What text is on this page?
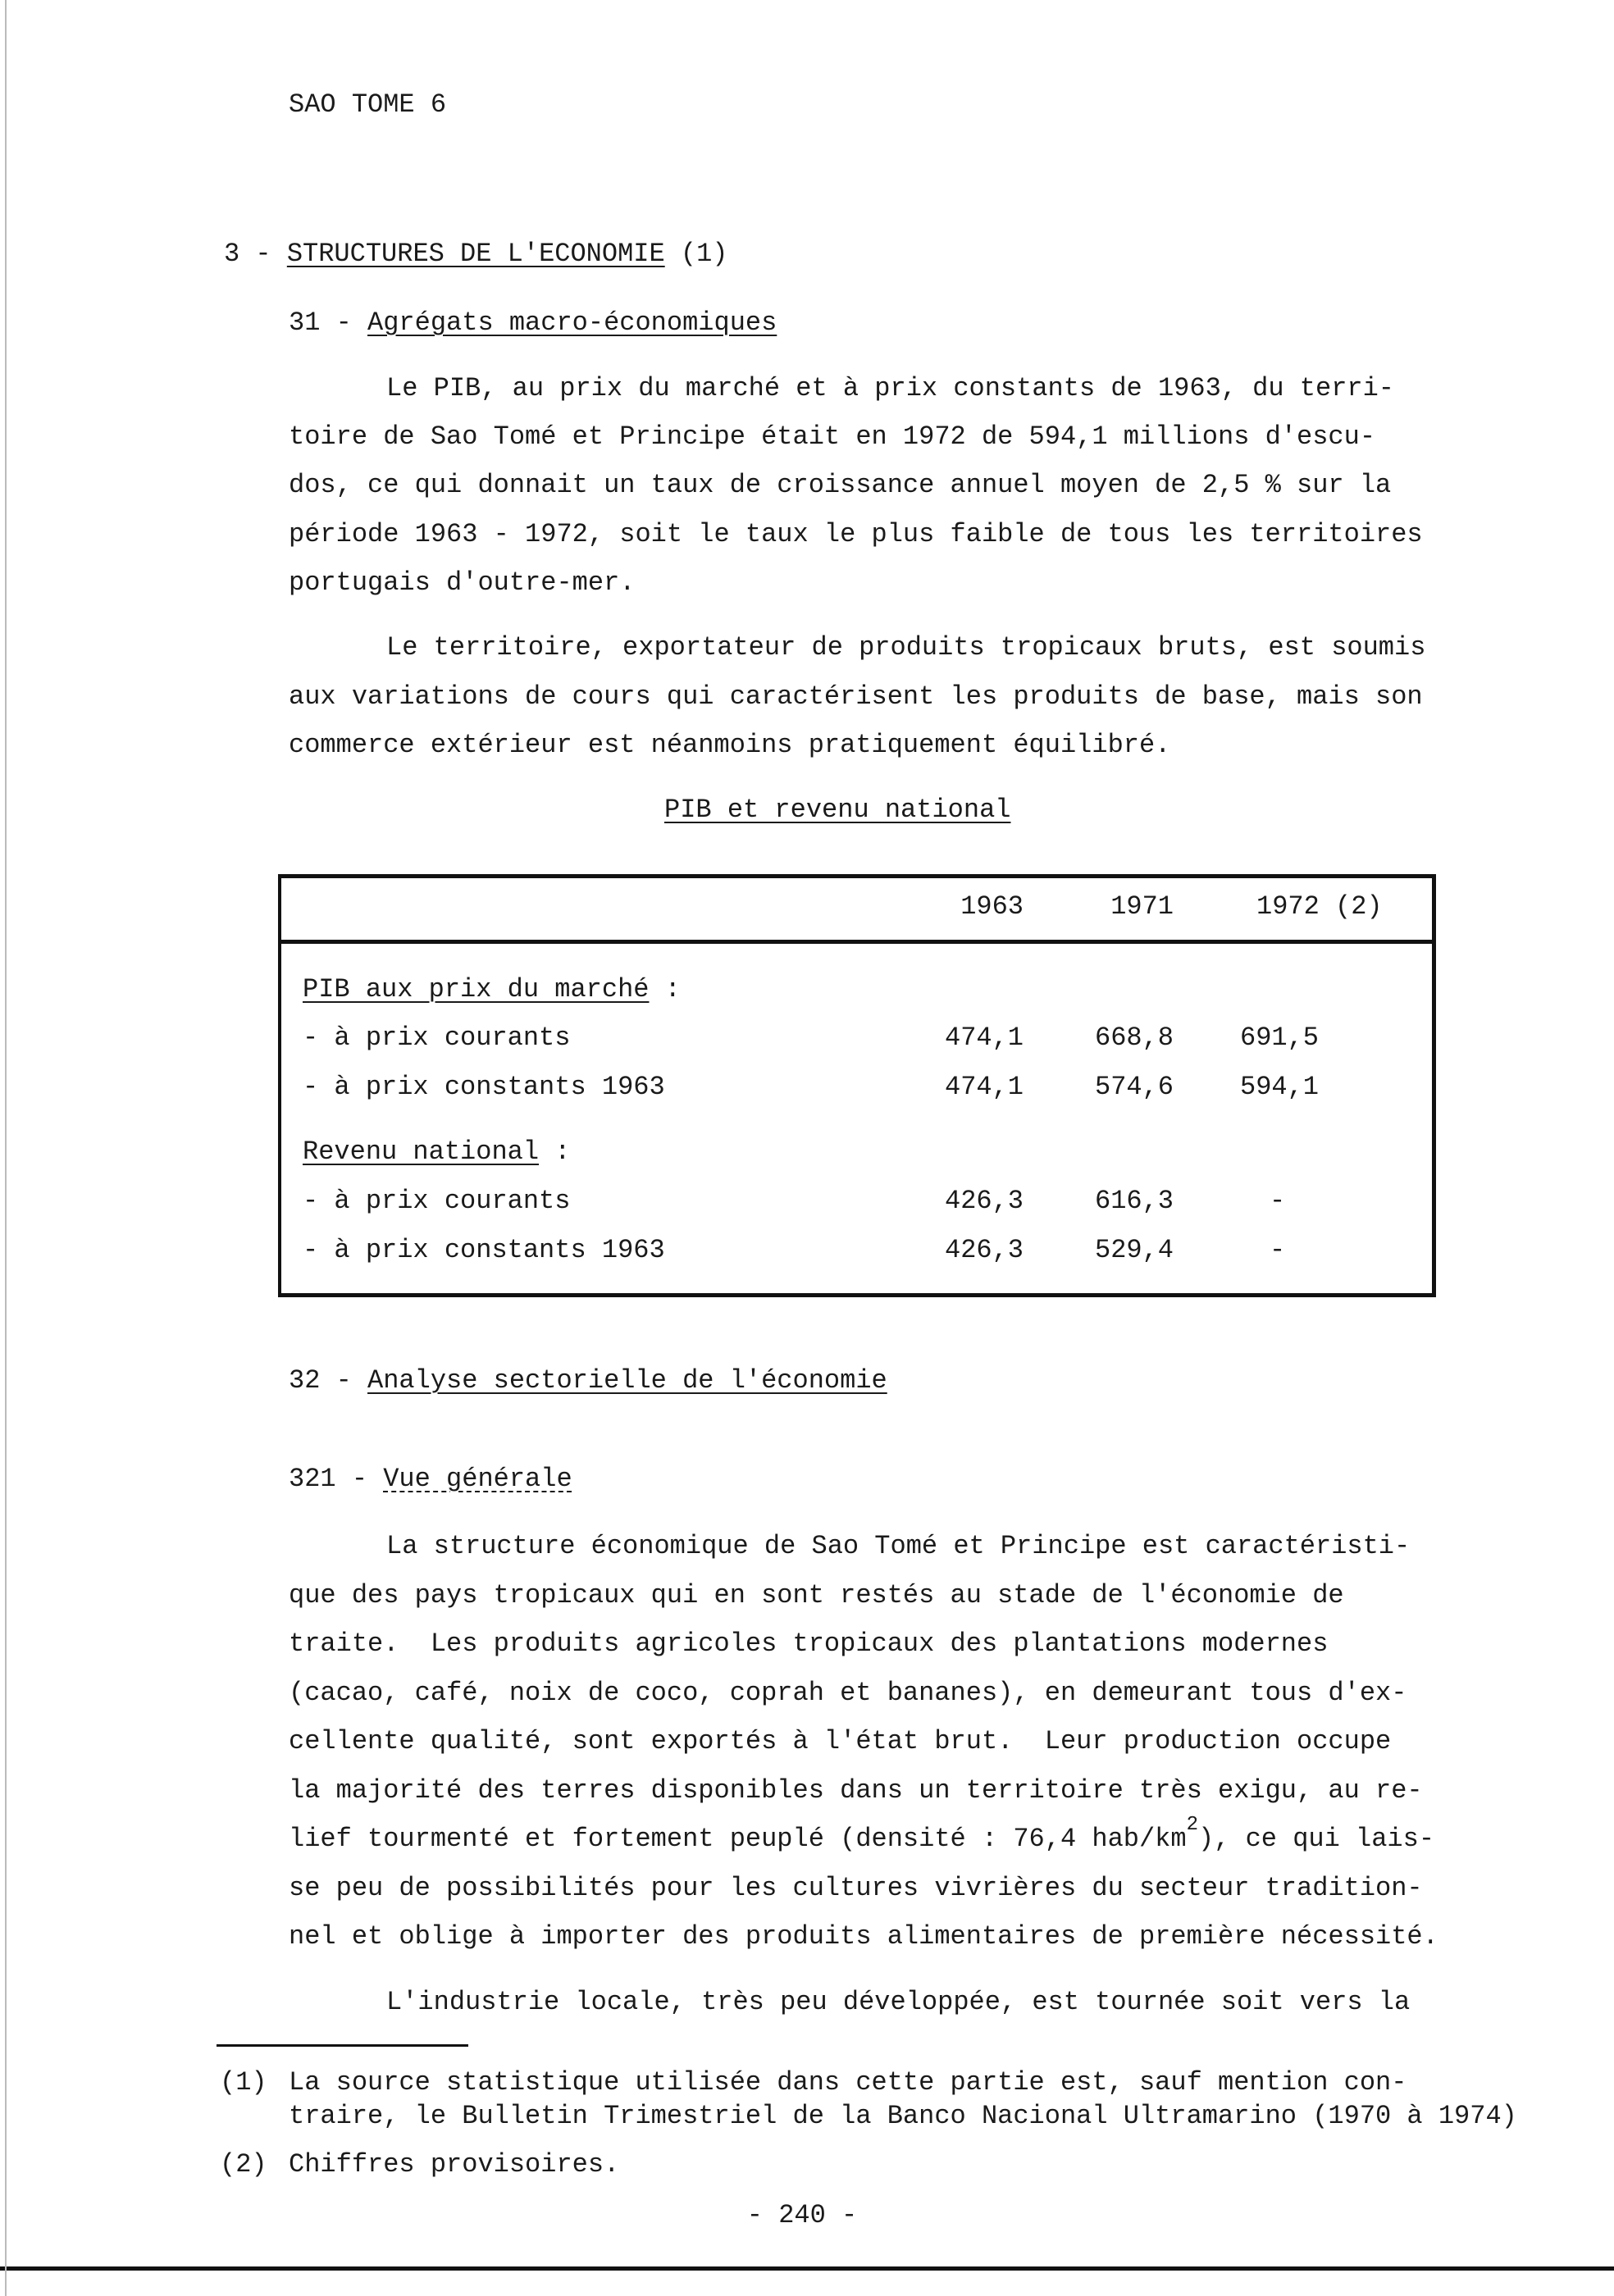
SAO TOME 6
3 - STRUCTURES DE L'ECONOMIE (1)
31 - Agrégats macro-économiques
Le PIB, au prix du marché et à prix constants de 1963, du terri-
toire de Sao Tomé et Principe était en 1972 de 594,1 millions d'escu-
dos, ce qui donnait un taux de croissance annuel moyen de 2,5 % sur la
période 1963 - 1972, soit le taux le plus faible de tous les territoires
portugais d'outre-mer.
Le territoire, exportateur de produits tropicaux bruts, est soumis
aux variations de cours qui caractérisent les produits de base, mais son
commerce extérieur est néanmoins pratiquement équilibré.
PIB et revenu national
1963	1971	1972 (2)
PIB aux prix du marché :
- à prix courants	474,1	668,8	691,5
- à prix constants 1963	474,1	574,6	594,1
Revenu national :
- à prix courants	426,3	616,3	-
- à prix constants 1963	426,3	529,4	-
32 - Analyse sectorielle de l'économie
321 - Vue générale
La structure économique de Sao Tomé et Principe est caractéristi-
que des pays tropicaux qui en sont restés au stade de l'économie de
traite.  Les produits agricoles tropicaux des plantations modernes
(cacao, café, noix de coco, coprah et bananes), en demeurant tous d'ex-
cellente qualité, sont exportés à l'état brut.  Leur production occupe
la majorité des terres disponibles dans un territoire très exigu, au re-
lief tourmenté et fortement peuplé (densité : 76,4 hab/$km^2$), ce qui lais-
se peu de possibilités pour les cultures vivrières du secteur tradition-
nel et oblige à importer des produits alimentaires de première nécessité.
L'industrie locale, très peu développée, est tournée soit vers la
(1) La source statistique utilisée dans cette partie est, sauf mention con-
traire, le Bulletin Trimestriel de la Banco Nacional Ultramarino (1970 à 1974)
(2) Chiffres provisoires.
- 240 -
